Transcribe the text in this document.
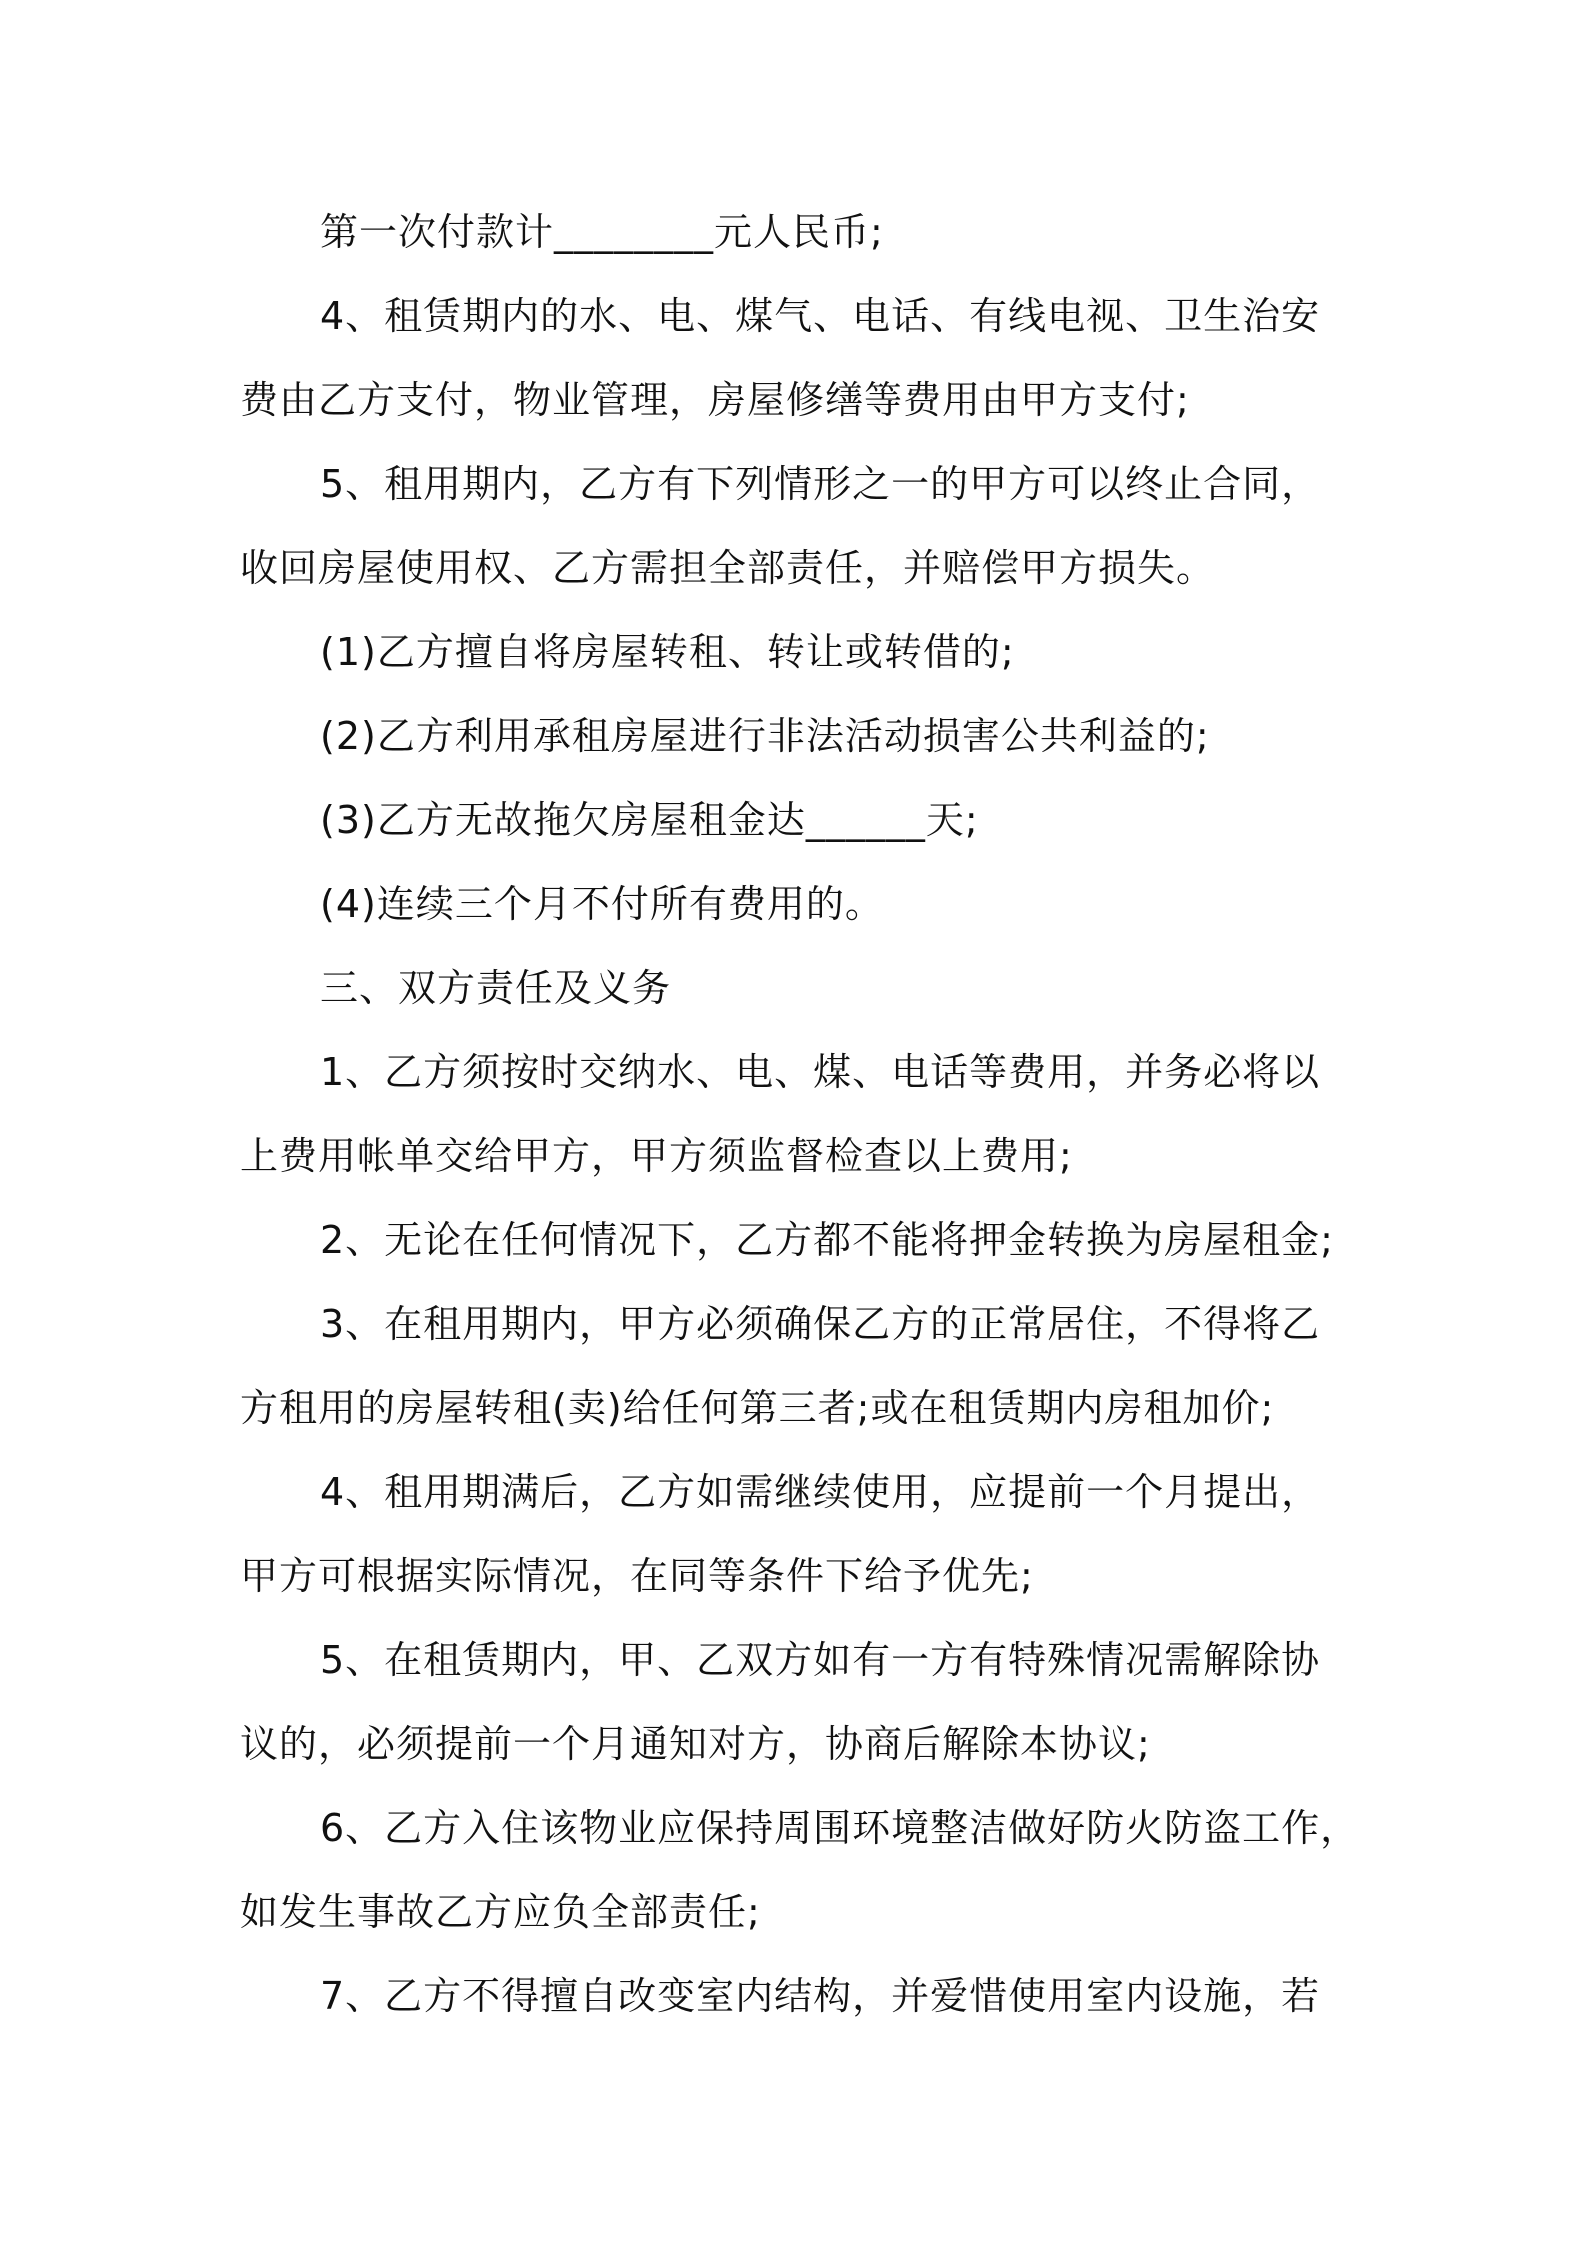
第一次付款计________元人民币;

4、租赁期内的水、电、煤气、电话、有线电视、卫生治安

费由乙方支付，物业管理，房屋修缮等费用由甲方支付;

5、租用期内，乙方有下列情形之一的甲方可以终止合同，

收回房屋使用权、乙方需担全部责任，并赔偿甲方损失。

(1)乙方擅自将房屋转租、转让或转借的;

(2)乙方利用承租房屋进行非法活动损害公共利益的;

(3)乙方无故拖欠房屋租金达______天;

(4)连续三个月不付所有费用的。

三、双方责任及义务

1、乙方须按时交纳水、电、煤、电话等费用，并务必将以

上费用帐单交给甲方，甲方须监督检查以上费用;

2、无论在任何情况下，乙方都不能将押金转换为房屋租金;

3、在租用期内，甲方必须确保乙方的正常居住，不得将乙

方租用的房屋转租(卖)给任何第三者;或在租赁期内房租加价;

4、租用期满后，乙方如需继续使用，应提前一个月提出，

甲方可根据实际情况，在同等条件下给予优先;

5、在租赁期内，甲、乙双方如有一方有特殊情况需解除协

议的，必须提前一个月通知对方，协商后解除本协议;

6、乙方入住该物业应保持周围环境整洁做好防火防盗工作，

如发生事故乙方应负全部责任;

7、乙方不得擅自改变室内结构，并爱惜使用室内设施，若
